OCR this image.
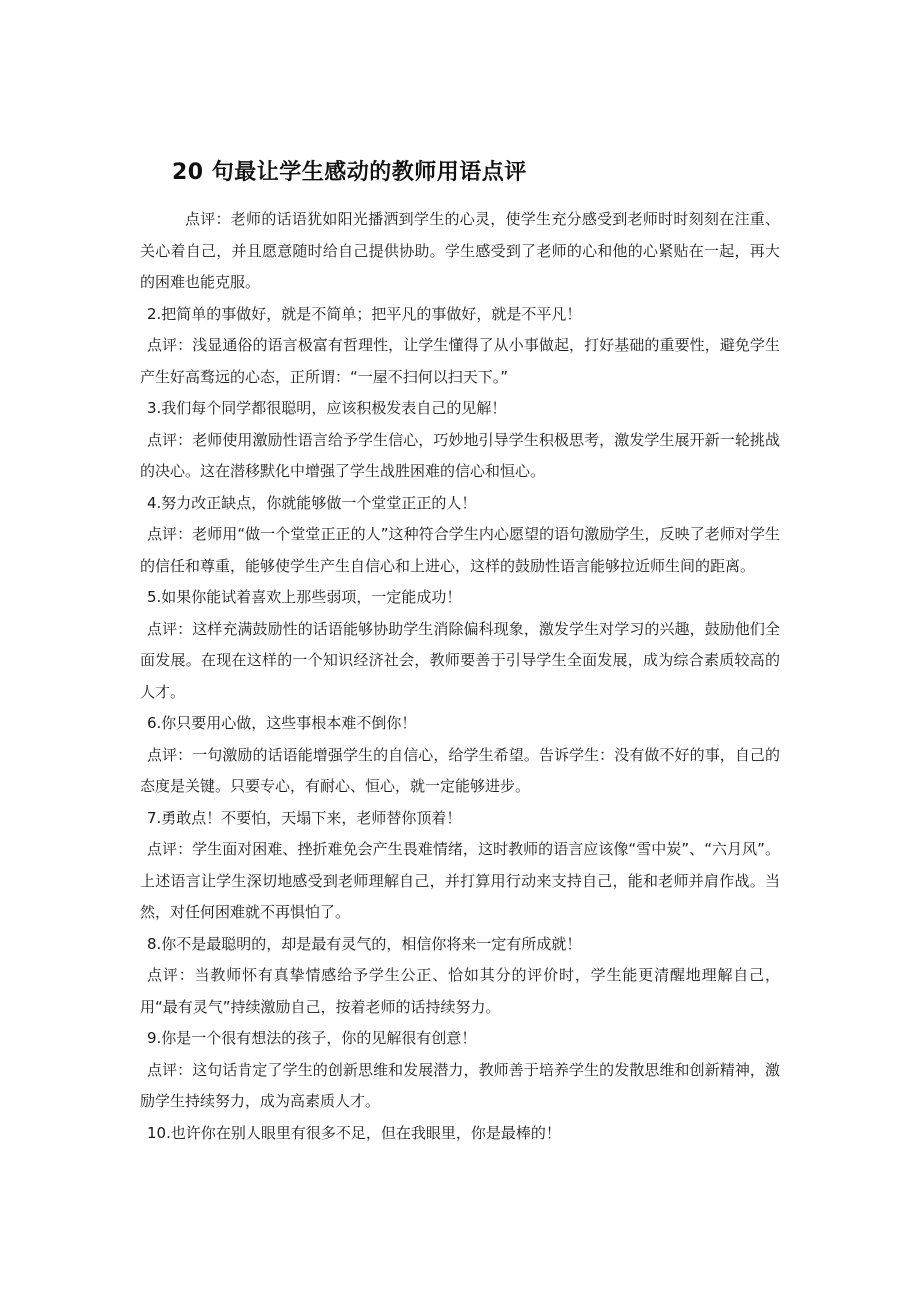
20 句最让学生感动的教师用语点评

点评：老师的话语犹如阳光播洒到学生的心灵，使学生充分感受到老师时时刻刻在注重、关心着自己，并且愿意随时给自己提供协助。学生感受到了老师的心和他的心紧贴在一起，再大的困难也能克服。

2.把简单的事做好，就是不简单；把平凡的事做好，就是不平凡！

点评：浅显通俗的语言极富有哲理性，让学生懂得了从小事做起，打好基础的重要性，避免学生产生好高骛远的心态，正所谓：“一屋不扫何以扫天下。”

3.我们每个同学都很聪明，应该积极发表自己的见解！

点评：老师使用激励性语言给予学生信心，巧妙地引导学生积极思考，激发学生展开新一轮挑战的决心。这在潜移默化中增强了学生战胜困难的信心和恒心。

4.努力改正缺点，你就能够做一个堂堂正正的人！

点评：老师用“做一个堂堂正正的人”这种符合学生内心愿望的语句激励学生，反映了老师对学生的信任和尊重，能够使学生产生自信心和上进心，这样的鼓励性语言能够拉近师生间的距离。

5.如果你能试着喜欢上那些弱项，一定能成功！

点评：这样充满鼓励性的话语能够协助学生消除偏科现象，激发学生对学习的兴趣，鼓励他们全面发展。在现在这样的一个知识经济社会，教师要善于引导学生全面发展，成为综合素质较高的人才。

6.你只要用心做，这些事根本难不倒你！

点评：一句激励的话语能增强学生的自信心，给学生希望。告诉学生：没有做不好的事，自己的态度是关键。只要专心，有耐心、恒心，就一定能够进步。

7.勇敢点！不要怕，天塌下来，老师替你顶着！

点评：学生面对困难、挫折难免会产生畏难情绪，这时教师的语言应该像“雪中炭”、“六月风”。上述语言让学生深切地感受到老师理解自己，并打算用行动来支持自己，能和老师并肩作战。当然，对任何困难就不再惧怕了。

8.你不是最聪明的，却是最有灵气的，相信你将来一定有所成就！

点评：当教师怀有真挚情感给予学生公正、恰如其分的评价时，学生能更清醒地理解自己，用“最有灵气”持续激励自己，按着老师的话持续努力。

9.你是一个很有想法的孩子，你的见解很有创意！

点评：这句话肯定了学生的创新思维和发展潜力，教师善于培养学生的发散思维和创新精神，激励学生持续努力，成为高素质人才。

10.也许你在别人眼里有很多不足，但在我眼里，你是最棒的！
